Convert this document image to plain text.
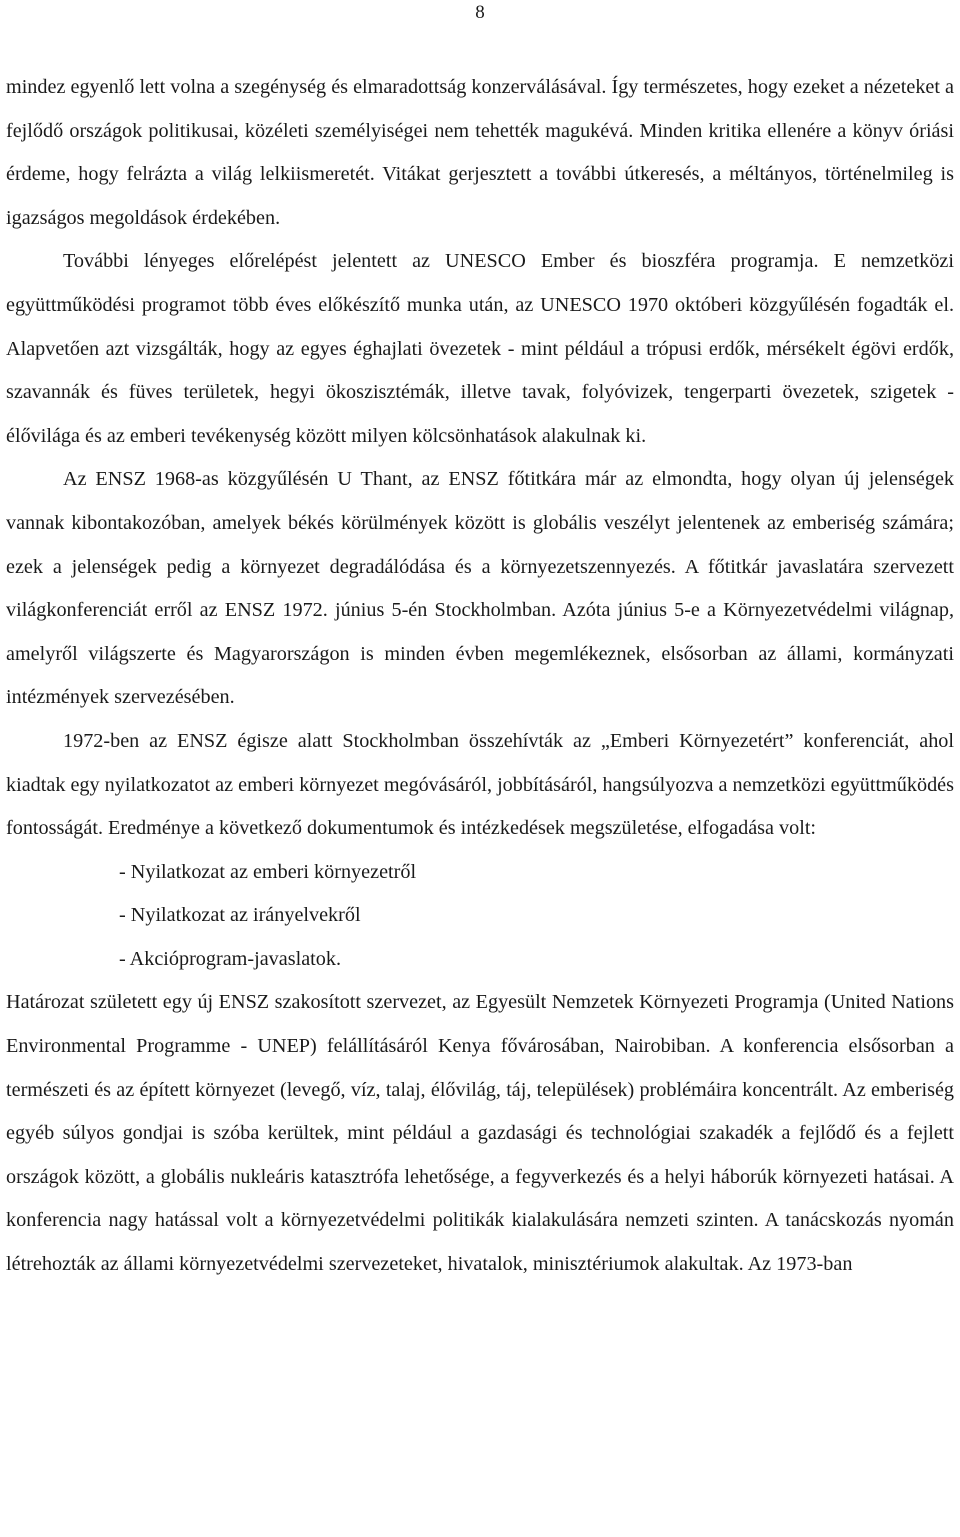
8

mindez egyenlő lett volna a szegénység és elmaradottság konzerválásával. Így természetes, hogy ezeket a nézeteket a fejlődő országok politikusai, közéleti személyiségei nem tehették magukévá. Minden kritika ellenére a könyv óriási érdeme, hogy felrázta a világ lelkiismeretét. Vitákat gerjesztett a további útkeresés, a méltányos, történelmileg is igazságos megoldások érdekében.

További lényeges előrelépést jelentett az UNESCO Ember és bioszféra programja. E nemzetközi együttműködési programot több éves előkészítő munka után, az UNESCO 1970 októberi közgyűlésén fogadták el. Alapvetően azt vizsgálták, hogy az egyes éghajlati övezetek - mint például a trópusi erdők, mérsékelt égövi erdők, szavannák és füves területek, hegyi ökoszisztémák, illetve tavak, folyóvizek, tengerparti övezetek, szigetek - élővilága és az emberi tevékenység között milyen kölcsönhatások alakulnak ki.

Az ENSZ 1968-as közgyűlésén U Thant, az ENSZ főtitkára már az elmondta, hogy olyan új jelenségek vannak kibontakozóban, amelyek békés körülmények között is globális veszélyt jelentenek az emberiség számára; ezek a jelenségek pedig a környezet degradálódása és a környezetszennyezés. A főtitkár javaslatára szervezett világkonferenciát erről az ENSZ 1972. június 5-én Stockholmban. Azóta június 5-e a Környezetvédelmi világnap, amelyről világszerte és Magyarországon is minden évben megemlékeznek, elsősorban az állami, kormányzati intézmények szervezésében.

1972-ben az ENSZ égisze alatt Stockholmban összehívták az „Emberi Környezetért” konferenciát, ahol kiadtak egy nyilatkozatot az emberi környezet megóvásáról, jobbításáról, hangsúlyozva a nemzetközi együttműködés fontosságát. Eredménye a következő dokumentumok és intézkedések megszületése, elfogadása volt:

- Nyilatkozat az emberi környezetről
- Nyilatkozat az irányelvekről
- Akcióprogram-javaslatok.

Határozat született egy új ENSZ szakosított szervezet, az Egyesült Nemzetek Környezeti Programja (United Nations Environmental Programme - UNEP) felállításáról Kenya fővárosában, Nairobiban. A konferencia elsősorban a természeti és az épített környezet (levegő, víz, talaj, élővilág, táj, települések) problémáira koncentrált. Az emberiség egyéb súlyos gondjai is szóba kerültek, mint például a gazdasági és technológiai szakadék a fejlődő és a fejlett országok között, a globális nukleáris katasztrófa lehetősége, a fegyverkezés és a helyi háborúk környezeti hatásai. A konferencia nagy hatással volt a környezetvédelmi politikák kialakulására nemzeti szinten. A tanácskozás nyomán létrehozták az állami környezetvédelmi szervezeteket, hivatalok, minisztériumok alakultak. Az 1973-ban
